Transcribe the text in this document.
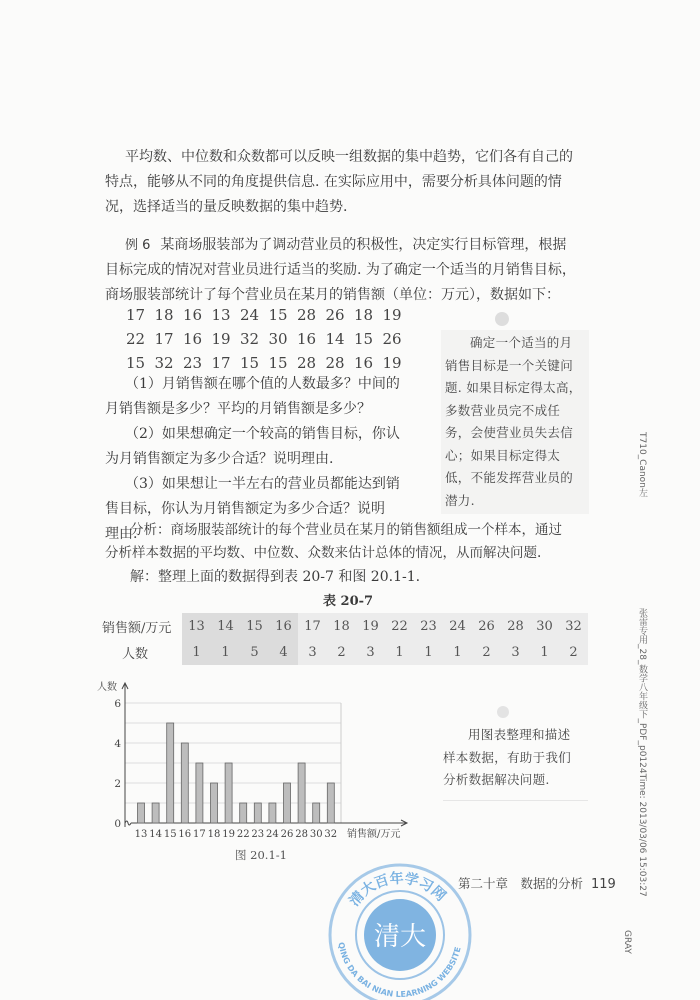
平均数、中位数和众数都可以反映一组数据的集中趋势，它们各有自己的
特点，能够从不同的角度提供信息. 在实际应用中，需要分析具体问题的情
况，选择适当的量反映数据的集中趋势.
例 6 某商场服装部为了调动营业员的积极性，决定实行目标管理，根据
目标完成的情况对营业员进行适当的奖励. 为了确定一个适当的月销售目标，
商场服装部统计了每个营业员在某月的销售额（单位：万元），数据如下：
17 18 16 13 24 15 28 26 18 19
22 17 16 19 32 30 16 14 15 26
15 32 23 17 15 15 28 28 16 19
（1）月销售额在哪个值的人数最多？中间的
月销售额是多少？平均的月销售额是多少？
（2）如果想确定一个较高的销售目标，你认
为月销售额定为多少合适？说明理由.
（3）如果想让一半左右的营业员都能达到销
售目标，你认为月销售额定为多少合适？说明
理由.
确定一个适当的月
销售目标是一个关键问
题. 如果目标定得太高，
多数营业员完不成任
务，会使营业员失去信
心；如果目标定得太
低，不能发挥营业员的
潜力.
分析：商场服装部统计的每个营业员在某月的销售额组成一个样本，通过
分析样本数据的平均数、中位数、众数来估计总体的情况，从而解决问题.
解：整理上面的数据得到表 20-7 和图 20.1-1.
表 20-7
销售额/万元	13	14	15	16	17	18	19	22	23	24	26	28	30	32
人数	1	1	5	4	3	2	3	1	1	1	2	3	1	2
13 14 15 16 17 18 19 22 23 24 26 28 30 32
0
2
4
6
人数
销售额/万元
图 20.1-1
用图表整理和描述
样本数据，有助于我们
分析数据解决问题.
清大百年学习网
QING DA BAI NIAN LEARNING WEBSITE
清大
第二十章　数据的分析 119
T710_Canon左
张雷专用_28_数学八年级下_PDF_p0124Time: 2013/03/06 15:03:27
GRAY
